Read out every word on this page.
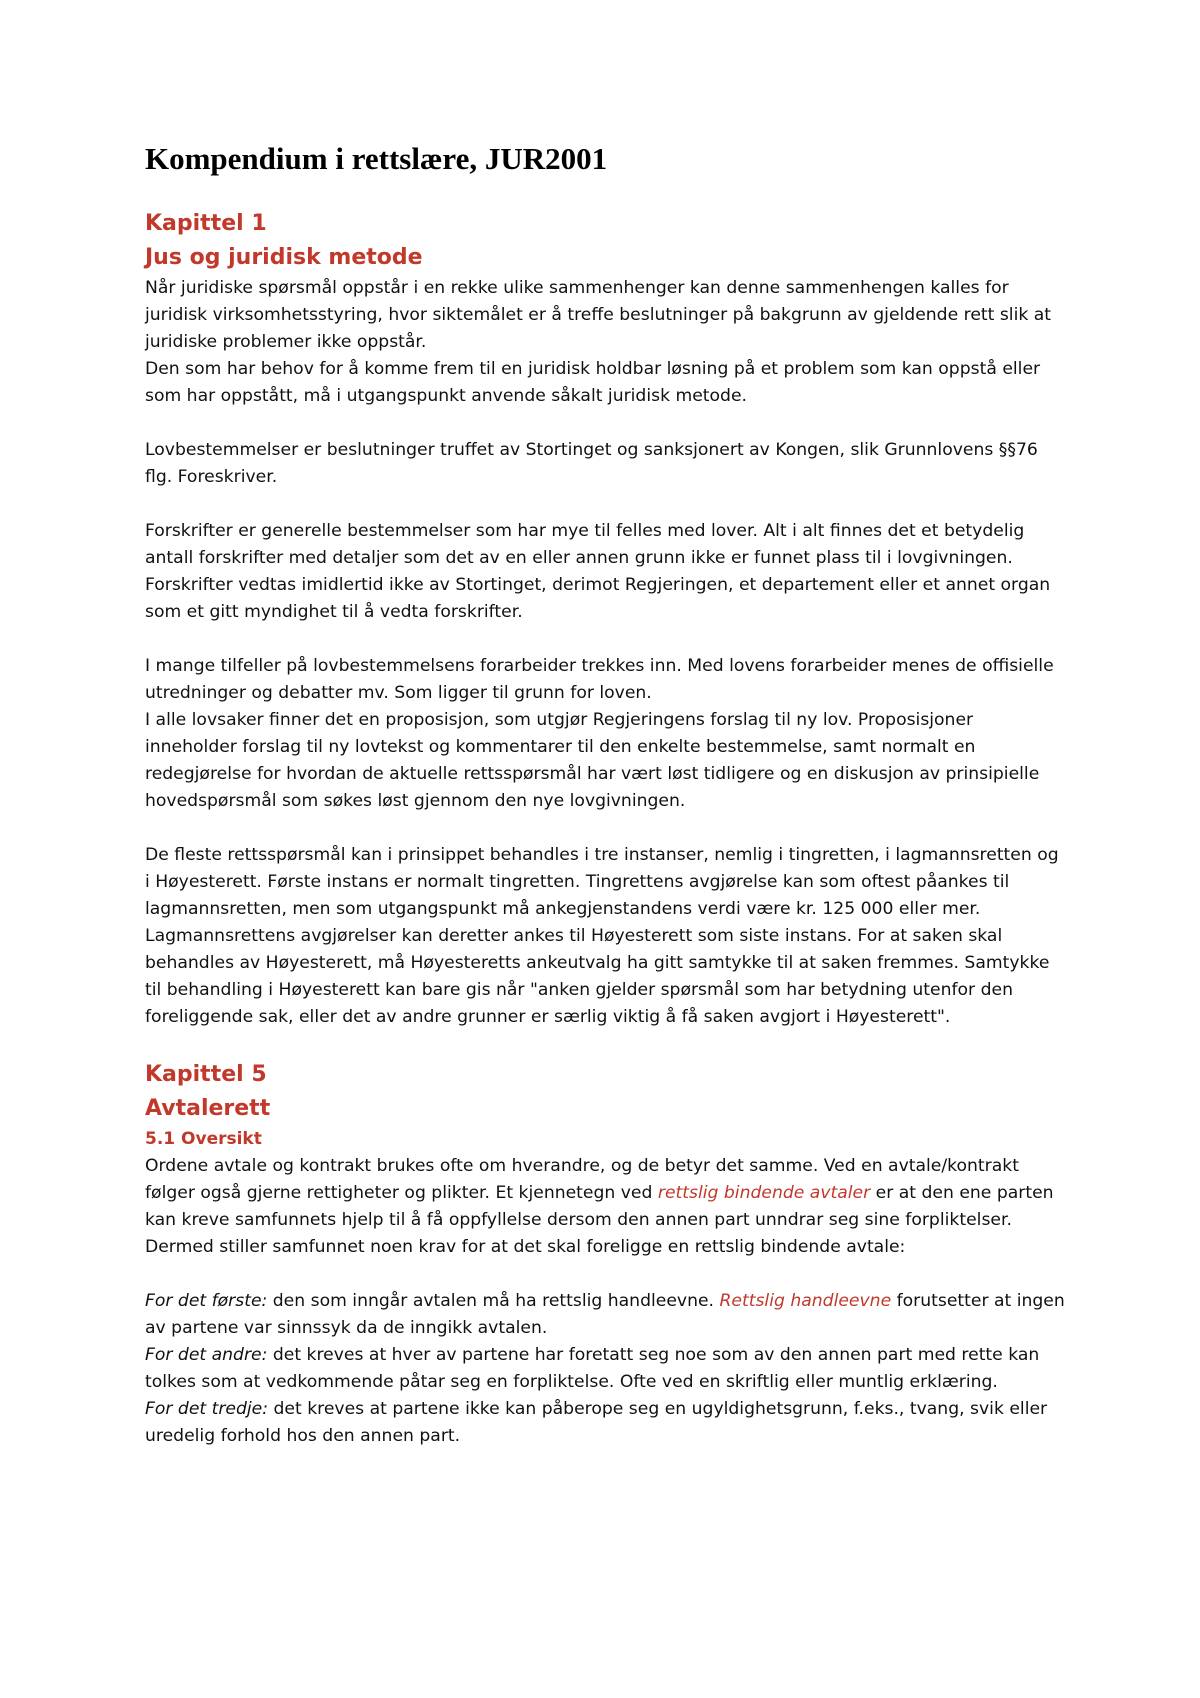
Kompendium i rettslære, JUR2001
Kapittel 1
Jus og juridisk metode

Når juridiske spørsmål oppstår i en rekke ulike sammenhenger kan denne sammenhengen kalles for juridisk virksomhetsstyring, hvor siktemålet er å treffe beslutninger på bakgrunn av gjeldende rett slik at juridiske problemer ikke oppstår.

Den som har behov for å komme frem til en juridisk holdbar løsning på et problem som kan oppstå eller som har oppstått, må i utgangspunkt anvende såkalt juridisk metode.

Lovbestemmelser er beslutninger truffet av Stortinget og sanksjonert av Kongen, slik Grunnlovens §§76 flg. Foreskriver.

Forskrifter er generelle bestemmelser som har mye til felles med lover. Alt i alt finnes det et betydelig antall forskrifter med detaljer som det av en eller annen grunn ikke er funnet plass til i lovgivningen. Forskrifter vedtas imidlertid ikke av Stortinget, derimot Regjeringen, et departement eller et annet organ som et gitt myndighet til å vedta forskrifter.

I mange tilfeller på lovbestemmelsens forarbeider trekkes inn. Med lovens forarbeider menes de offisielle utredninger og debatter mv. Som ligger til grunn for loven.

I alle lovsaker finner det en proposisjon, som utgjør Regjeringens forslag til ny lov. Proposisjoner inneholder forslag til ny lovtekst og kommentarer til den enkelte bestemmelse, samt normalt en redegjørelse for hvordan de aktuelle rettsspørsmål har vært løst tidligere og en diskusjon av prinsipielle hovedspørsmål som søkes løst gjennom den nye lovgivningen.

De fleste rettsspørsmål kan i prinsippet behandles i tre instanser, nemlig i tingretten, i lagmannsretten og i Høyesterett. Første instans er normalt tingretten. Tingrettens avgjørelse kan som oftest påankes til lagmannsretten, men som utgangspunkt må ankegjenstandens verdi være kr. 125 000 eller mer. Lagmannsrettens avgjørelser kan deretter ankes til Høyesterett som siste instans. For at saken skal behandles av Høyesterett, må Høyesteretts ankeutvalg ha gitt samtykke til at saken fremmes. Samtykke til behandling i Høyesterett kan bare gis når "anken gjelder spørsmål som har betydning utenfor den foreliggende sak, eller det av andre grunner er særlig viktig å få saken avgjort i Høyesterett".

Kapittel 5
Avtalerett
5.1 Oversikt

Ordene avtale og kontrakt brukes ofte om hverandre, og de betyr det samme. Ved en avtale/kontrakt følger også gjerne rettigheter og plikter. Et kjennetegn ved rettslig bindende avtaler er at den ene parten kan kreve samfunnets hjelp til å få oppfyllelse dersom den annen part unndrar seg sine forpliktelser. Dermed stiller samfunnet noen krav for at det skal foreligge en rettslig bindende avtale:

For det første: den som inngår avtalen må ha rettslig handleevne. Rettslig handleevne forutsetter at ingen av partene var sinnssyk da de inngikk avtalen.

For det andre: det kreves at hver av partene har foretatt seg noe som av den annen part med rette kan tolkes som at vedkommende påtar seg en forpliktelse. Ofte ved en skriftlig eller muntlig erklæring.

For det tredje: det kreves at partene ikke kan påberope seg en ugyldighetsgrunn, f.eks., tvang, svik eller uredelig forhold hos den annen part.
